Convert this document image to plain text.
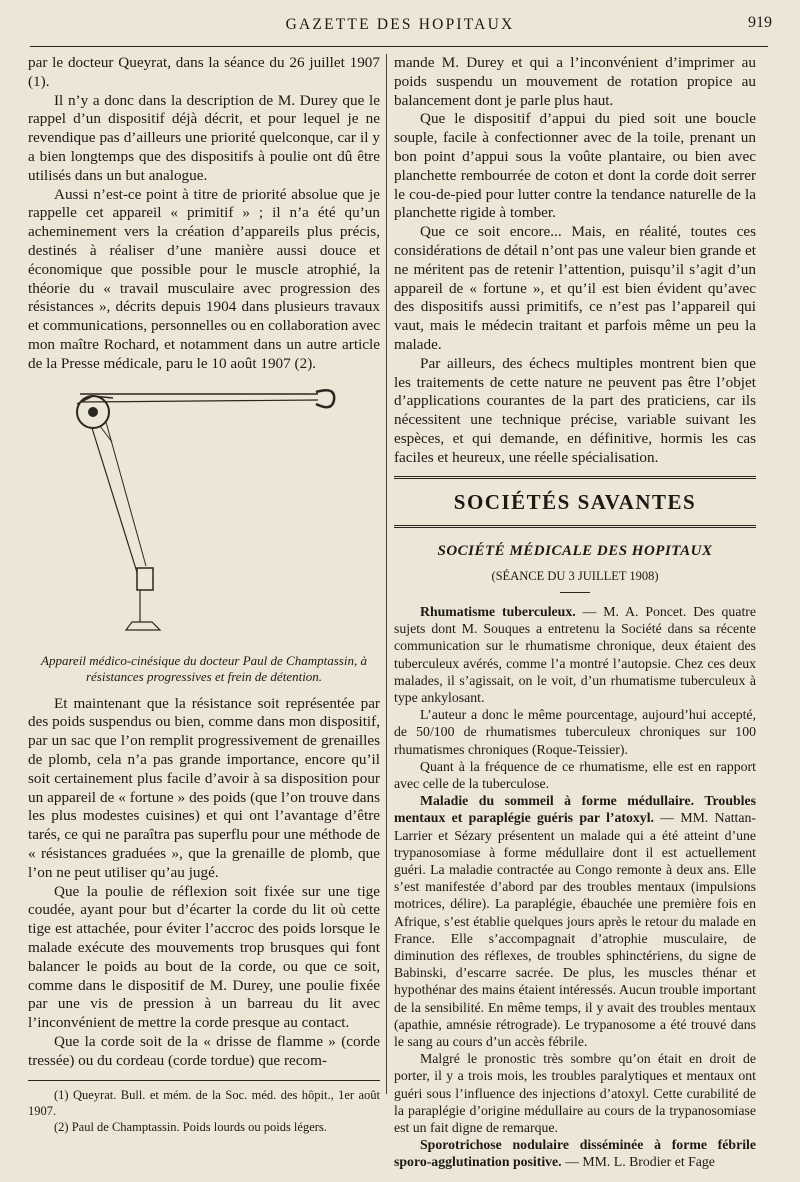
GAZETTE DES HOPITAUX	919

par le docteur Queyrat, dans la séance du 26 juillet 1907 (1).

Il n’y a donc dans la description de M. Durey que le rappel d’un dispositif déjà décrit, et pour lequel je ne revendique pas d’ailleurs une priorité quelconque, car il y a bien longtemps que des dispositifs à poulie ont dû être utilisés dans un but analogue.

Aussi n’est-ce point à titre de priorité absolue que je rappelle cet appareil « primitif » ; il n’a été qu’un acheminement vers la création d’appareils plus précis, destinés à réaliser d’une manière aussi douce et économique que possible pour le muscle atrophié, la théorie du « travail musculaire avec progression des résistances », décrits depuis 1904 dans plusieurs travaux et communications, personnelles ou en collaboration avec mon maître Rochard, et notamment dans un autre article de la Presse médicale, paru le 10 août 1907 (2).

Appareil médico-cinésique du docteur Paul de Champtassin, à résistances progressives et frein de détention.

Et maintenant que la résistance soit représentée par des poids suspendus ou bien, comme dans mon dispositif, par un sac que l’on remplit progressivement de grenailles de plomb, cela n’a pas grande importance, encore qu’il soit certainement plus facile d’avoir à sa disposition pour un appareil de « fortune » des poids (que l’on trouve dans les plus modestes cuisines) et qui ont l’avantage d’être tarés, ce qui ne paraîtra pas superflu pour une méthode de « résistances graduées », que la grenaille de plomb, que l’on ne peut utiliser qu’au jugé.

Que la poulie de réflexion soit fixée sur une tige coudée, ayant pour but d’écarter la corde du lit où cette tige est attachée, pour éviter l’accroc des poids lorsque le malade exécute des mouvements trop brusques qui font balancer le poids au bout de la corde, ou que ce soit, comme dans le dispositif de M. Durey, une poulie fixée par une vis de pression à un barreau du lit avec l’inconvénient de mettre la corde presque au contact.

Que la corde soit de la « drisse de flamme » (corde tressée) ou du cordeau (corde tordue) que recom-

(1) Queyrat. Bull. et mém. de la Soc. méd. des hôpit., 1er août 1907.

(2) Paul de Champtassin. Poids lourds ou poids légers.

mande M. Durey et qui a l’inconvénient d’imprimer au poids suspendu un mouvement de rotation propice au balancement dont je parle plus haut.

Que le dispositif d’appui du pied soit une boucle souple, facile à confectionner avec de la toile, prenant un bon point d’appui sous la voûte plantaire, ou bien avec planchette rembourrée de coton et dont la corde doit serrer le cou-de-pied pour lutter contre la tendance naturelle de la planchette rigide à tomber.

Que ce soit encore... Mais, en réalité, toutes ces considérations de détail n’ont pas une valeur bien grande et ne méritent pas de retenir l’attention, puisqu’il s’agit d’un appareil de « fortune », et qu’il est bien évident qu’avec des dispositifs aussi primitifs, ce n’est pas l’appareil qui vaut, mais le médecin traitant et parfois même un peu la malade.

Par ailleurs, des échecs multiples montrent bien que les traitements de cette nature ne peuvent pas être l’objet d’applications courantes de la part des praticiens, car ils nécessitent une technique précise, variable suivant les espèces, et qui demande, en définitive, hormis les cas faciles et heureux, une réelle spécialisation.

SOCIÉTÉS SAVANTES
SOCIÉTÉ MÉDICALE DES HOPITAUX
(SÉANCE DU 3 JUILLET 1908)

Rhumatisme tuberculeux. — M. A. Poncet. Des quatre sujets dont M. Souques a entretenu la Société dans sa récente communication sur le rhumatisme chronique, deux étaient des tuberculeux avérés, comme l’a montré l’autopsie. Chez ces deux malades, il s’agissait, on le voit, d’un rhumatisme tuberculeux à type ankylosant.

L’auteur a donc le même pourcentage, aujourd’hui accepté, de 50/100 de rhumatismes tuberculeux chroniques sur 100 rhumatismes chroniques (Roque-Teissier).

Quant à la fréquence de ce rhumatisme, elle est en rapport avec celle de la tuberculose.

Maladie du sommeil à forme médullaire. Troubles mentaux et paraplégie guéris par l’atoxyl. — MM. Nattan-Larrier et Sézary présentent un malade qui a été atteint d’une trypanosomiase à forme médullaire dont il est actuellement guéri. La maladie contractée au Congo remonte à deux ans. Elle s’est manifestée d’abord par des troubles mentaux (impulsions motrices, délire). La paraplégie, ébauchée une première fois en Afrique, s’est établie quelques jours après le retour du malade en France. Elle s’accompagnait d’atrophie musculaire, de diminution des réflexes, de troubles sphinctériens, du signe de Babinski, d’escarre sacrée. De plus, les muscles thénar et hypothénar des mains étaient intéressés. Aucun trouble important de la sensibilité. En même temps, il y avait des troubles mentaux (apathie, amnésie rétrograde). Le trypanosome a été trouvé dans le sang au cours d’un accès fébrile.

Malgré le pronostic très sombre qu’on était en droit de porter, il y a trois mois, les troubles paralytiques et mentaux ont guéri sous l’influence des injections d’atoxyl. Cette curabilité de la paraplégie d’origine médullaire au cours de la trypanosomiase est un fait digne de remarque.

Sporotrichose nodulaire disséminée à forme fébrile sporo-agglutination positive. — MM. L. Brodier et Fage
